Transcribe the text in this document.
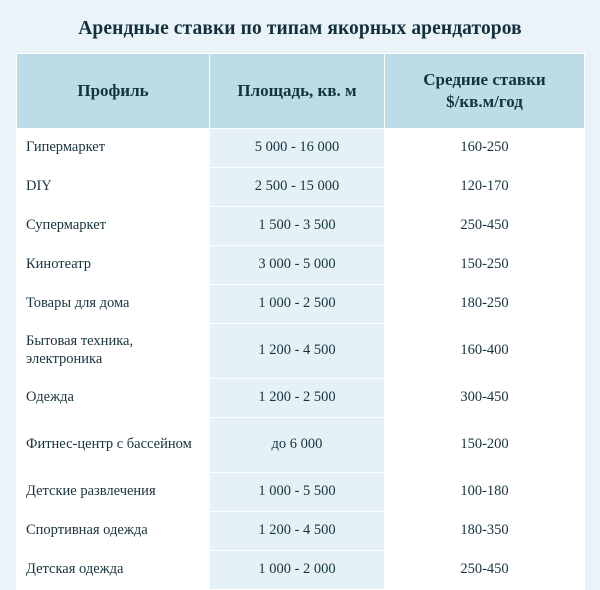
Арендные ставки по типам якорных арендаторов
Профиль	Площадь, кв. м	Средние ставки
$/кв.м/год

Гипермаркет	5 000 - 16 000	160-250
DIY	2 500 - 15 000	120-170
Супермаркет	1 500 - 3 500	250-450
Кинотеатр	3 000 - 5 000	150-250
Товары для дома	1 000 - 2 500	180-250
Бытовая техника, электроника	1 200 - 4 500	160-400
Одежда	1 200 - 2 500	300-450
Фитнес-центр с бассейном	до 6 000	150-200
Детские развлечения	1 000 - 5 500	100-180
Спортивная одежда	1 200 - 4 500	180-350
Детская одежда	1 000 - 2 000	250-450
